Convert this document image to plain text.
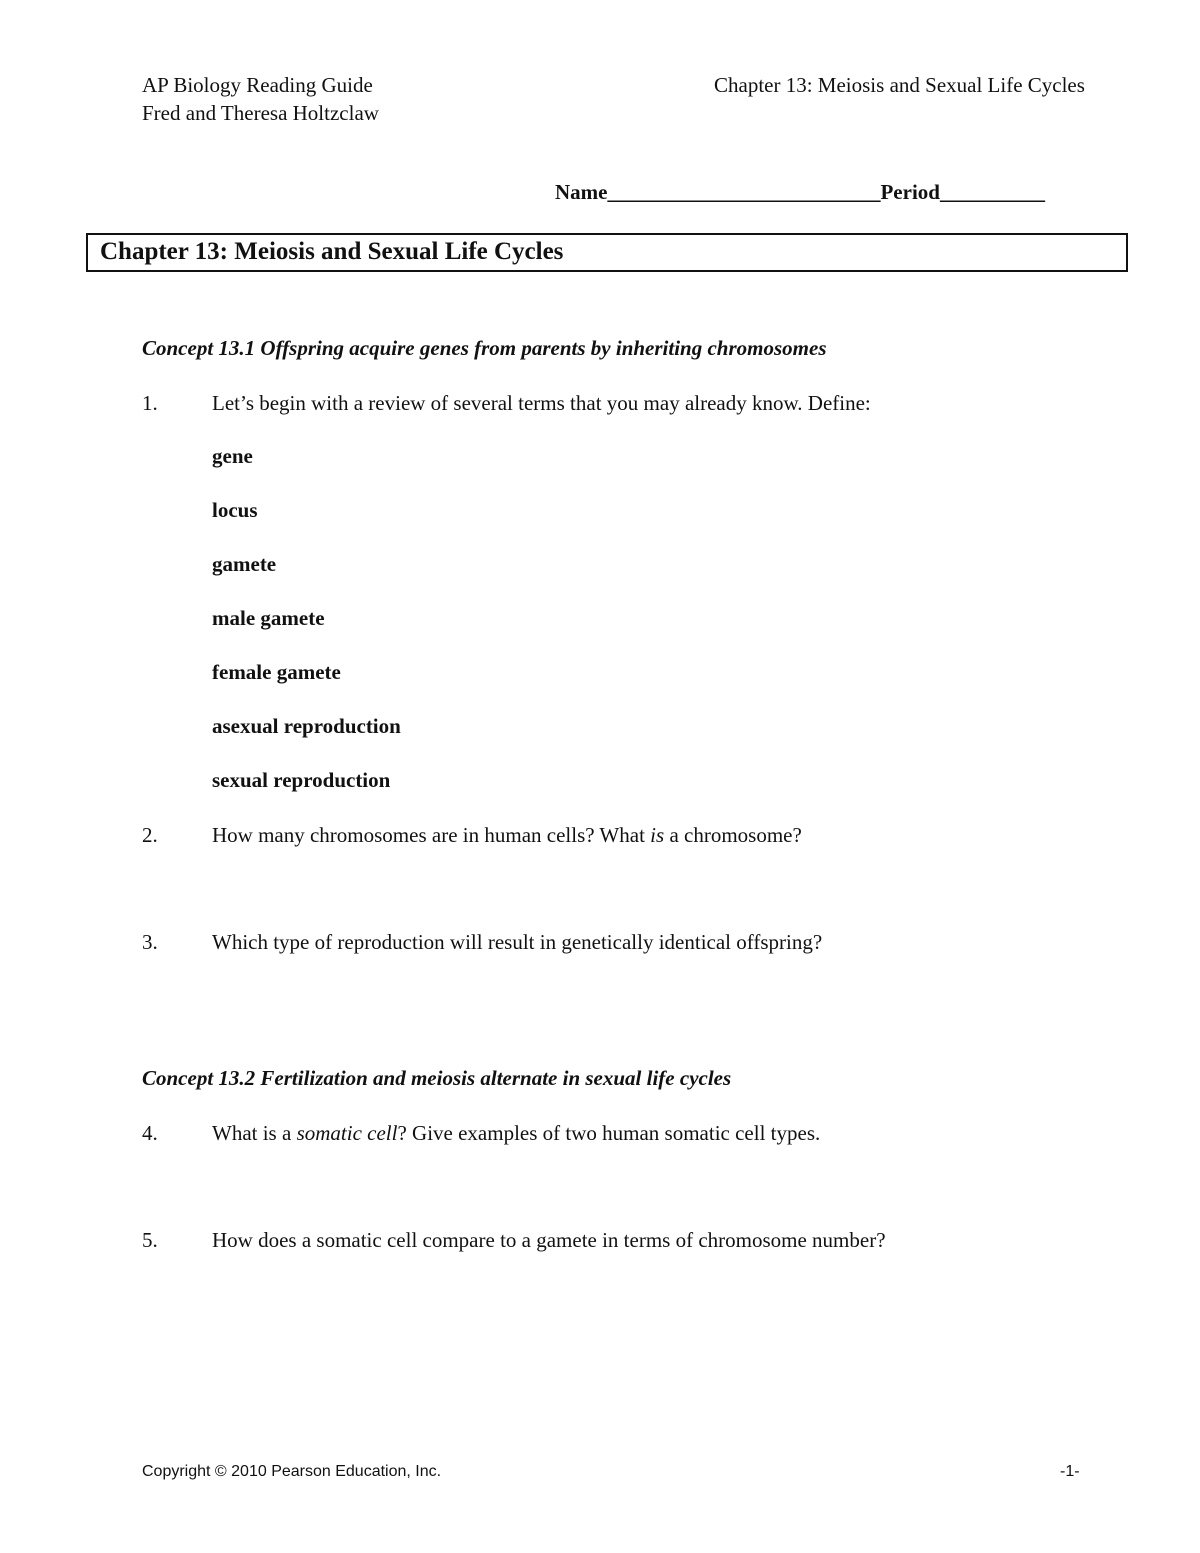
AP Biology Reading Guide
Fred and Theresa Holtzclaw
Chapter 13: Meiosis and Sexual Life Cycles
Name__________________________Period__________
Chapter 13: Meiosis and Sexual Life Cycles
Concept 13.1 Offspring acquire genes from parents by inheriting chromosomes
1.	Let’s begin with a review of several terms that you may already know. Define:
gene
locus
gamete
male gamete
female gamete
asexual reproduction
sexual reproduction
2.	How many chromosomes are in human cells? What is a chromosome?
3.	Which type of reproduction will result in genetically identical offspring?
Concept 13.2 Fertilization and meiosis alternate in sexual life cycles
4.	What is a somatic cell? Give examples of two human somatic cell types.
5.	How does a somatic cell compare to a gamete in terms of chromosome number?
Copyright © 2010 Pearson Education, Inc.	-1-
